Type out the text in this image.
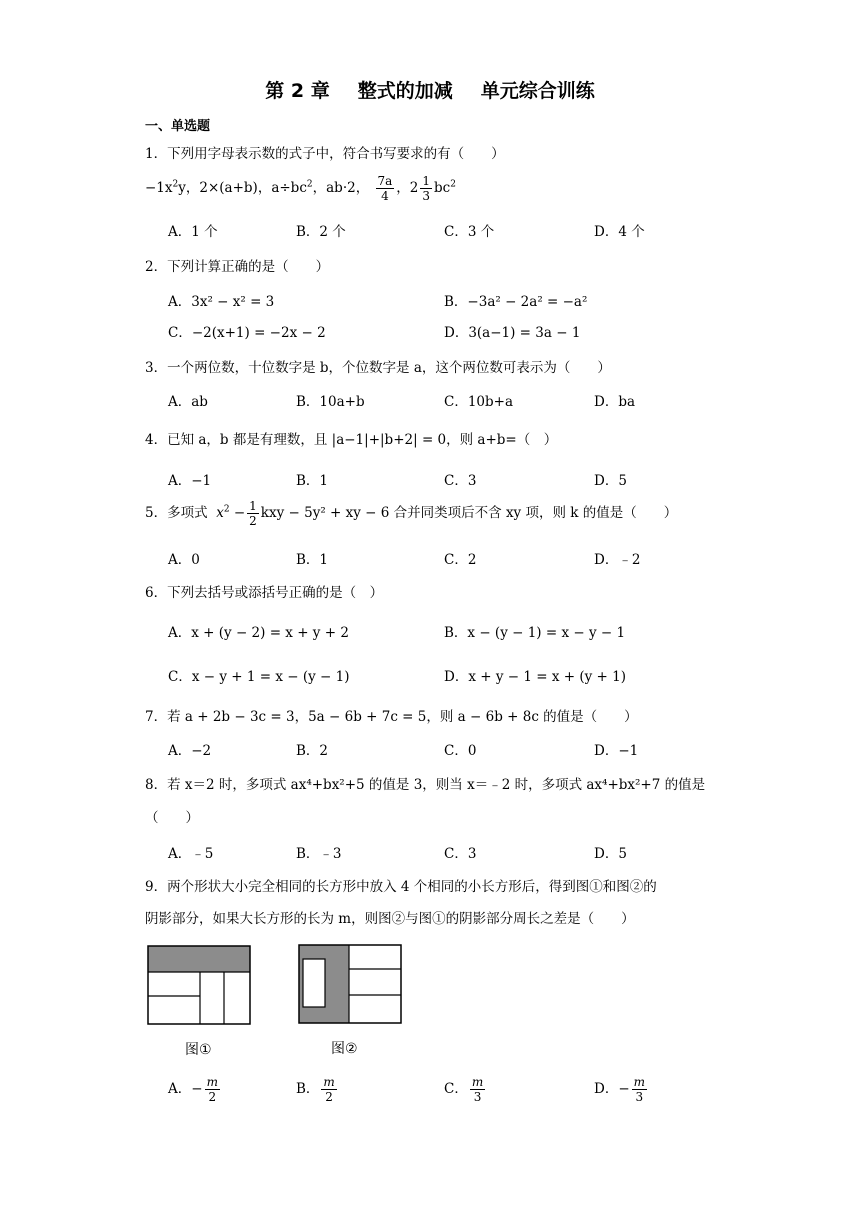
第 2 章 整式的加减 单元综合训练
一、单选题
1．下列用字母表示数的式子中，符合书写要求的有（　　）
$-1x^2y$，2×(a+b)，$a\div bc^2$，ab·2， $\frac{7a}{4}$ ，$2 \frac{1}{3} bc^2$
A．1 个	B．2 个	C．3 个	D．4 个
2．下列计算正确的是（　　）
A．3x² − x² = 3	B．−3a² − 2a² = −a²
C．−2(x+1) = −2x − 2	D．3(a−1) = 3a − 1
3．一个两位数，十位数字是 b，个位数字是 a，这个两位数可表示为（　　）
A．ab	B．10a+b	C．10b+a	D．ba
4．已知 a，b 都是有理数，且 |a−1|+|b+2| = 0，则 a+b=（　）
A．−1	B．1	C．3	D．5
5．多项式 $x^2 - \frac{1}{2}$ kxy − 5y² + xy − 6 合并同类项后不含 xy 项，则 k 的值是（　　）
A．0	B．1	C．2	D．﹣2
6．下列去括号或添括号正确的是（　）
A．x + (y − 2) = x + y + 2	B．x − (y − 1) = x − y − 1
C．x − y + 1 = x − (y − 1)	D．x + y − 1 = x + (y + 1)
7．若 a + 2b − 3c = 3，5a − 6b + 7c = 5，则 a − 6b + 8c 的值是（　　）
A．−2	B．2	C．0	D．−1
8．若 x＝2 时，多项式 ax⁴+bx²+5 的值是 3，则当 x＝﹣2 时，多项式 ax⁴+bx²+7 的值是
（　　）
A．﹣5	B．﹣3	C．3	D．5
9．两个形状大小完全相同的长方形中放入 4 个相同的小长方形后，得到图①和图②的
阴影部分，如果大长方形的长为 m，则图②与图①的阴影部分周长之差是（　　）
图①	图②
A．− $\frac{m}{2}$	B． $\frac{m}{2}$	C． $\frac{m}{3}$	D．− $\frac{m}{3}$
